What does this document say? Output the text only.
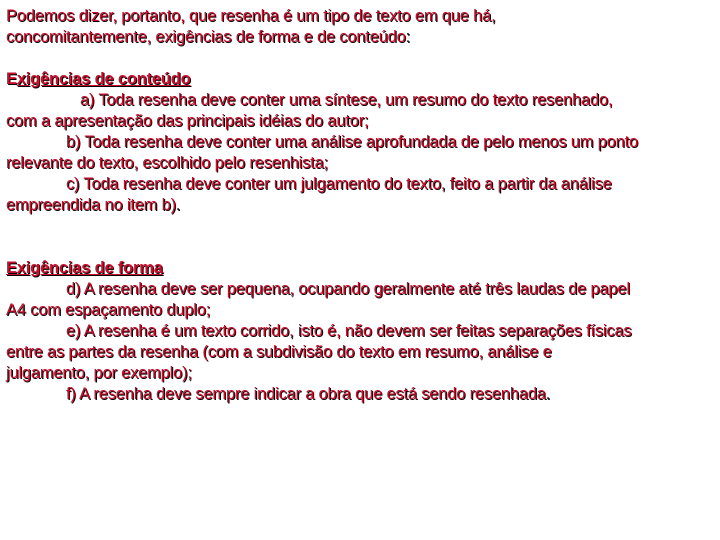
Podemos dizer, portanto, que resenha é um tipo de texto em que há,
concomitantemente, exigências de forma e de conteúdo:
Exigências de conteúdo
a) Toda resenha deve conter uma síntese, um resumo do texto resenhado,
com a apresentação das principais idéias do autor;
b) Toda resenha deve conter uma análise aprofundada de pelo menos um ponto
relevante do texto, escolhido pelo resenhista;
c) Toda resenha deve conter um julgamento do texto, feito a partir da análise
empreendida no item b).
Exigências de forma
d) A resenha deve ser pequena, ocupando geralmente até três laudas de papel
A4 com espaçamento duplo;
e) A resenha é um texto corrido, isto é, não devem ser feitas separações físicas
entre as partes da resenha (com a subdivisão do texto em resumo, análise e
julgamento, por exemplo);
f) A resenha deve sempre indicar a obra que está sendo resenhada.
